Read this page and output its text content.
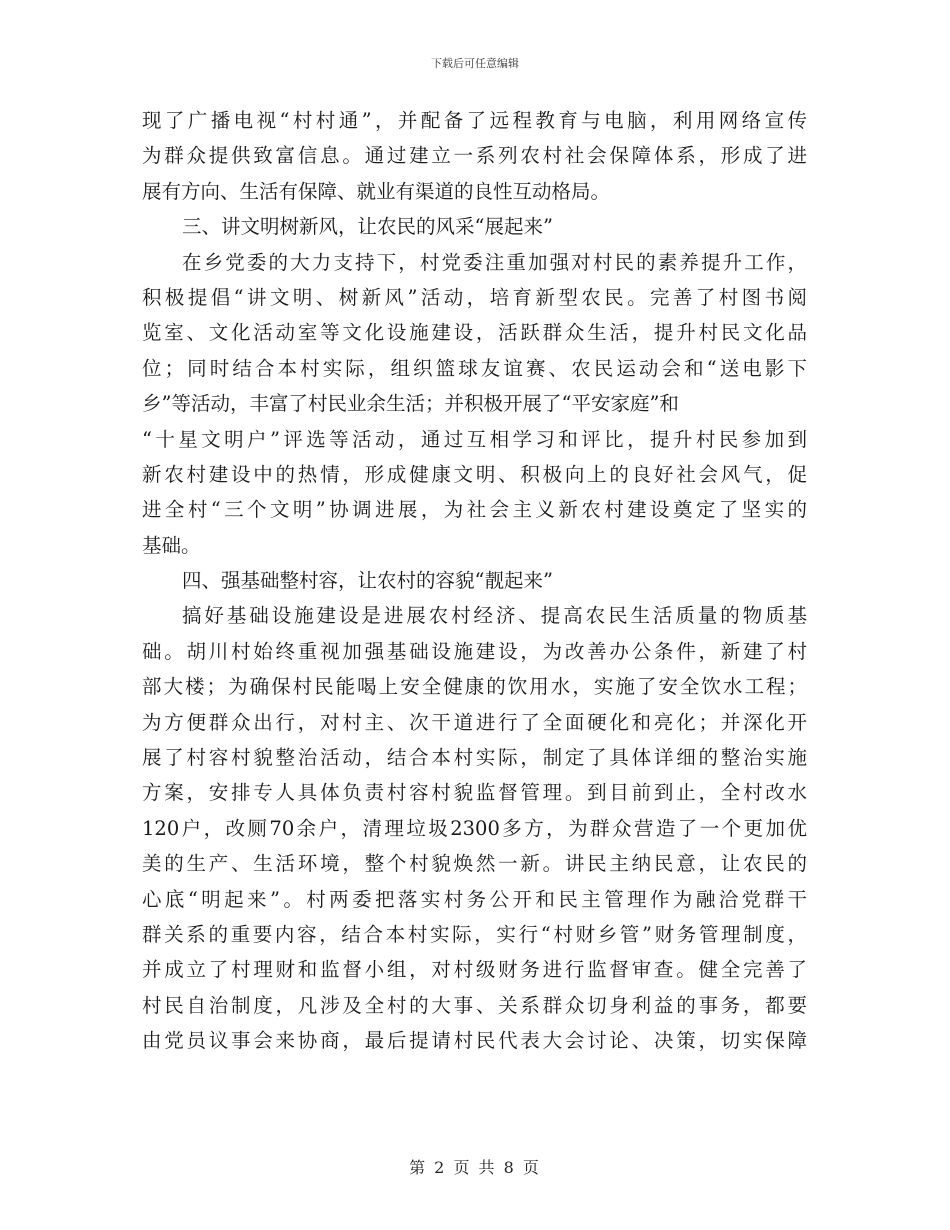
下载后可任意编辑
现了广播电视“村村通”，并配备了远程教育与电脑，利用网络宣传
为群众提供致富信息。通过建立一系列农村社会保障体系，形成了进
展有方向、生活有保障、就业有渠道的良性互动格局。
三、讲文明树新风，让农民的风采“展起来”
在乡党委的大力支持下，村党委注重加强对村民的素养提升工作，
积极提倡“讲文明、树新风”活动，培育新型农民。完善了村图书阅
览室、文化活动室等文化设施建设，活跃群众生活，提升村民文化品
位；同时结合本村实际，组织篮球友谊赛、农民运动会和“送电影下
乡”等活动，丰富了村民业余生活；并积极开展了“平安家庭”和
“十星文明户”评选等活动，通过互相学习和评比，提升村民参加到
新农村建设中的热情，形成健康文明、积极向上的良好社会风气，促
进全村“三个文明”协调进展，为社会主义新农村建设奠定了坚实的
基础。
四、强基础整村容，让农村的容貌“靓起来”
搞好基础设施建设是进展农村经济、提高农民生活质量的物质基
础。胡川村始终重视加强基础设施建设，为改善办公条件，新建了村
部大楼；为确保村民能喝上安全健康的饮用水，实施了安全饮水工程；
为方便群众出行，对村主、次干道进行了全面硬化和亮化；并深化开
展了村容村貌整治活动，结合本村实际，制定了具体详细的整治实施
方案，安排专人具体负责村容村貌监督管理。到目前到止，全村改水
120户，改厕70余户，清理垃圾2300多方，为群众营造了一个更加优
美的生产、生活环境，整个村貌焕然一新。讲民主纳民意，让农民的
心底“明起来”。村两委把落实村务公开和民主管理作为融洽党群干
群关系的重要内容，结合本村实际，实行“村财乡管”财务管理制度，
并成立了村理财和监督小组，对村级财务进行监督审查。健全完善了
村民自治制度，凡涉及全村的大事、关系群众切身利益的事务，都要
由党员议事会来协商，最后提请村民代表大会讨论、决策，切实保障
第 2 页 共 8 页
